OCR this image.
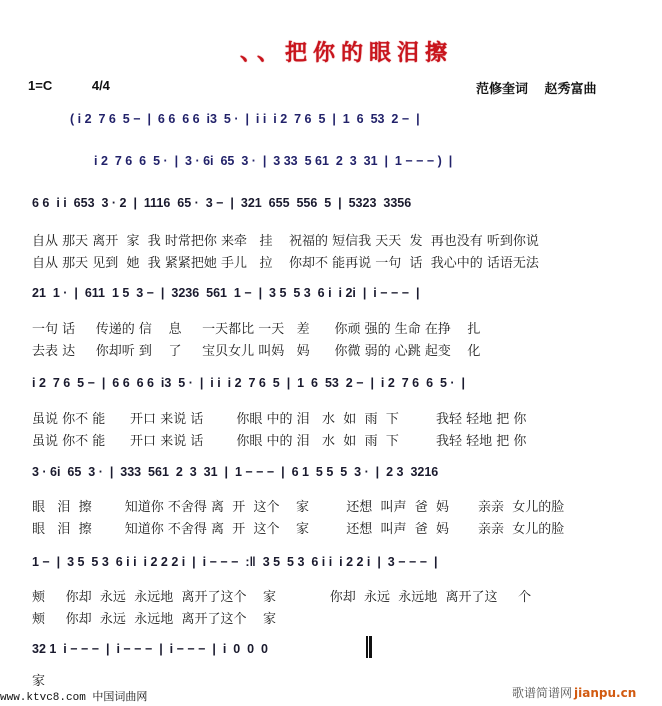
、、把你的眼泪擦
1=C	4/4	范修奎词 赵秀富曲
( i 2  7 6  5 −  |  6 6  6 6  i3  5 ·  |  i i  i 2  7 6  5  |  1  6  53  2 −  |
i 2  7 6  6  5 ·  |  3 · 6i  65  3 ·  |  3 33  5 61  2  3  31  |  1 − − − )  |
6 6  i i  653  3 · 2  |  1116  65 ·  3 −  |  321  655  556  5  |  5323  3356
自从 那天 离开  家  我 时常把你 来牵   挂    祝福的 短信我 天天  发  再也没有 听到你说
自从 那天 见到  她  我 紧紧把她 手儿   拉    你却不 能再说 一句  话  我心中的 话语无法
21  1 ·  |  611  1 5  3 −  |  3236  561  1 −  |  3 5  5 3  6 i  i 2i  |  i − − −  |
一句 话     传递的 信    息     一天都比 一天   差      你顽 强的 生命 在挣    扎
去表 达     你却听 到    了     宝贝女儿 叫妈   妈      你微 弱的 心跳 起变    化
i 2  7 6  5 −  |  6 6  6 6  i3  5 ·  |  i i  i 2  7 6  5  |  1  6  53  2 −  |  i 2  7 6  6  5 ·  |
虽说 你不 能      开口 来说 话        你眼 中的 泪   水  如  雨  下         我轻 轻地 把 你
虽说 你不 能      开口 来说 话        你眼 中的 泪   水  如  雨  下         我轻 轻地 把 你
3 · 6i  65  3 ·  |  333  561  2  3  31  |  1 − − −  |  6 1  5 5  5  3 ·  |  2 3  3216
眼   泪  擦        知道你 不舍得 离  开  这个    家         还想  叫声  爸  妈       亲亲  女儿的脸
眼   泪  擦        知道你 不舍得 离  开  这个    家         还想  叫声  爸  妈       亲亲  女儿的脸
1 −  |  3 5  5 3  6 i i  i 2 2 2 i  |  i − − −  :‖  3 5  5 3  6 i i  i 2 2 i  |  3 − − −  |
颊     你却  永远  永远地  离开了这个    家             你却  永远  永远地  离开了这     个
颊     你却  永远  永远地  离开了这个    家
32 1  i − − −  |  i − − −  |  i − − −  |  i  0  0  0
家
www.ktvc8.com 中国词曲网	歌谱简谱网 jianpu.cn
